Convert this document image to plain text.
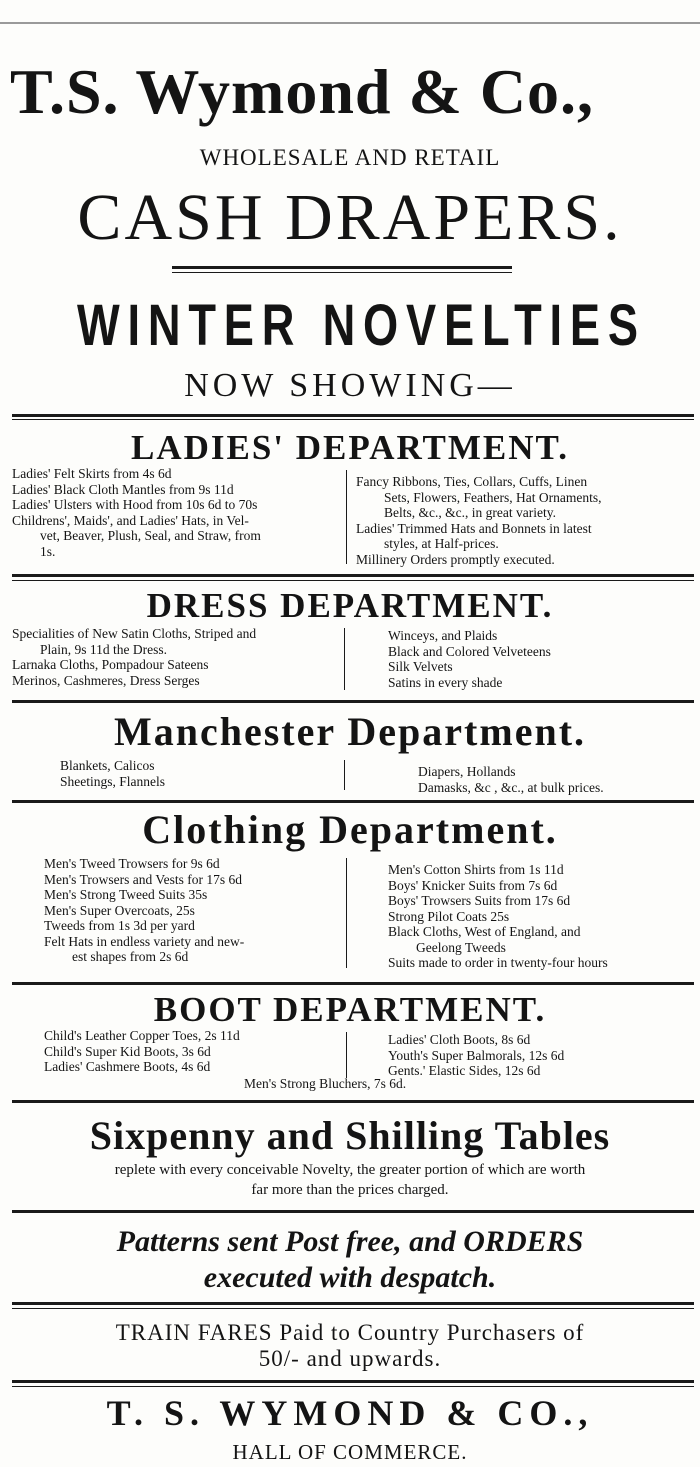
T.S. Wymond & Co.,
WHOLESALE AND RETAIL
CASH DRAPERS.
WINTER NOVELTIES
NOW SHOWING—
LADIES' DEPARTMENT.
Ladies' Felt Skirts from 4s 6d
Ladies' Black Cloth Mantles from 9s 11d
Ladies' Ulsters with Hood from 10s 6d to 70s
Childrens', Maids', and Ladies' Hats, in Vel-
vet, Beaver, Plush, Seal, and Straw, from
1s.
Fancy Ribbons, Ties, Collars, Cuffs, Linen
Sets, Flowers, Feathers, Hat Ornaments,
Belts, &c., &c., in great variety.
Ladies' Trimmed Hats and Bonnets in latest
styles, at Half-prices.
Millinery Orders promptly executed.
DRESS DEPARTMENT.
Specialities of New Satin Cloths, Striped and
Plain, 9s 11d the Dress.
Larnaka Cloths, Pompadour Sateens
Merinos, Cashmeres, Dress Serges
Winceys, and Plaids
Black and Colored Velveteens
Silk Velvets
Satins in every shade
Manchester Department.
Blankets, Calicos
Sheetings, Flannels
Diapers, Hollands
Damasks, &c , &c., at bulk prices.
Clothing Department.
Men's Tweed Trowsers for 9s 6d
Men's Trowsers and Vests for 17s 6d
Men's Strong Tweed Suits 35s
Men's Super Overcoats, 25s
Tweeds from 1s 3d per yard
Felt Hats in endless variety and new-
est shapes from 2s 6d
Men's Cotton Shirts from 1s 11d
Boys' Knicker Suits from 7s 6d
Boys' Trowsers Suits from 17s 6d
Strong Pilot Coats 25s
Black Cloths, West of England, and
Geelong Tweeds
Suits made to order in twenty-four hours
BOOT DEPARTMENT.
Child's Leather Copper Toes, 2s 11d
Child's Super Kid Boots, 3s 6d
Ladies' Cashmere Boots, 4s 6d
Ladies' Cloth Boots, 8s 6d
Youth's Super Balmorals, 12s 6d
Gents.' Elastic Sides, 12s 6d
Men's Strong Bluchers, 7s 6d.
Sixpenny and Shilling Tables
replete with every conceivable Novelty, the greater portion of which are worth
far more than the prices charged.
Patterns sent Post free, and ORDERS
executed with despatch.
TRAIN FARES Paid to Country Purchasers of
50/- and upwards.
T. S. WYMOND & CO.,
HALL OF COMMERCE.
